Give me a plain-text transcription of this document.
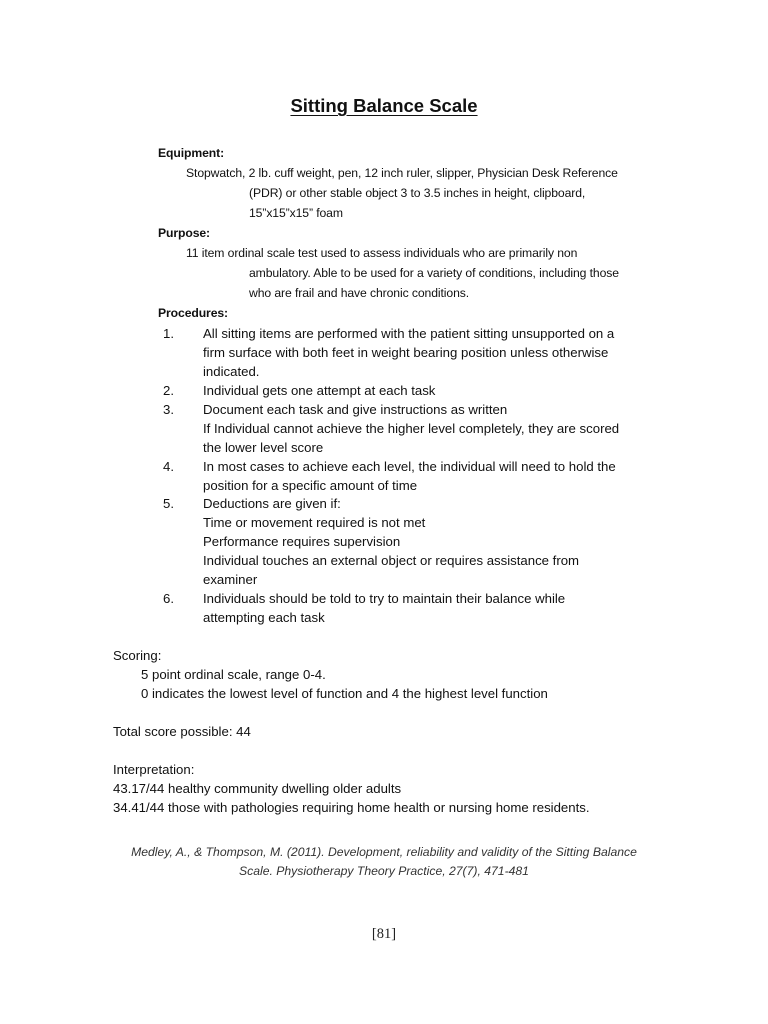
Sitting Balance Scale
Equipment:
Stopwatch, 2 lb. cuff weight, pen, 12 inch ruler, slipper, Physician Desk Reference
(PDR) or other stable object 3 to 3.5 inches in height, clipboard,
15”x15”x15” foam
Purpose:
11 item ordinal scale test used to assess individuals who are primarily non
ambulatory. Able to be used for a variety of conditions, including those
who are frail and have chronic conditions.
Procedures:
1.	All sitting items are performed with the patient sitting unsupported on a
firm surface with both feet in weight bearing position unless otherwise
indicated.
2.	Individual gets one attempt at each task
3.	Document each task and give instructions as written
If Individual cannot achieve the higher level completely, they are scored
the lower level score
4.	In most cases to achieve each level, the individual will need to hold the
position for a specific amount of time
5.	Deductions are given if:
Time or movement required is not met
Performance requires supervision
Individual touches an external object or requires assistance from
examiner
6.	Individuals should be told to try to maintain their balance while
attempting each task
Scoring:
5 point ordinal scale, range 0-4.
0 indicates the lowest level of function and 4 the highest level function
Total score possible: 44
Interpretation:
43.17/44 healthy community dwelling older adults
34.41/44 those with pathologies requiring home health or nursing home residents.
Medley, A., & Thompson, M. (2011). Development, reliability and validity of the Sitting Balance
Scale. Physiotherapy Theory Practice, 27(7), 471-481
[81]
